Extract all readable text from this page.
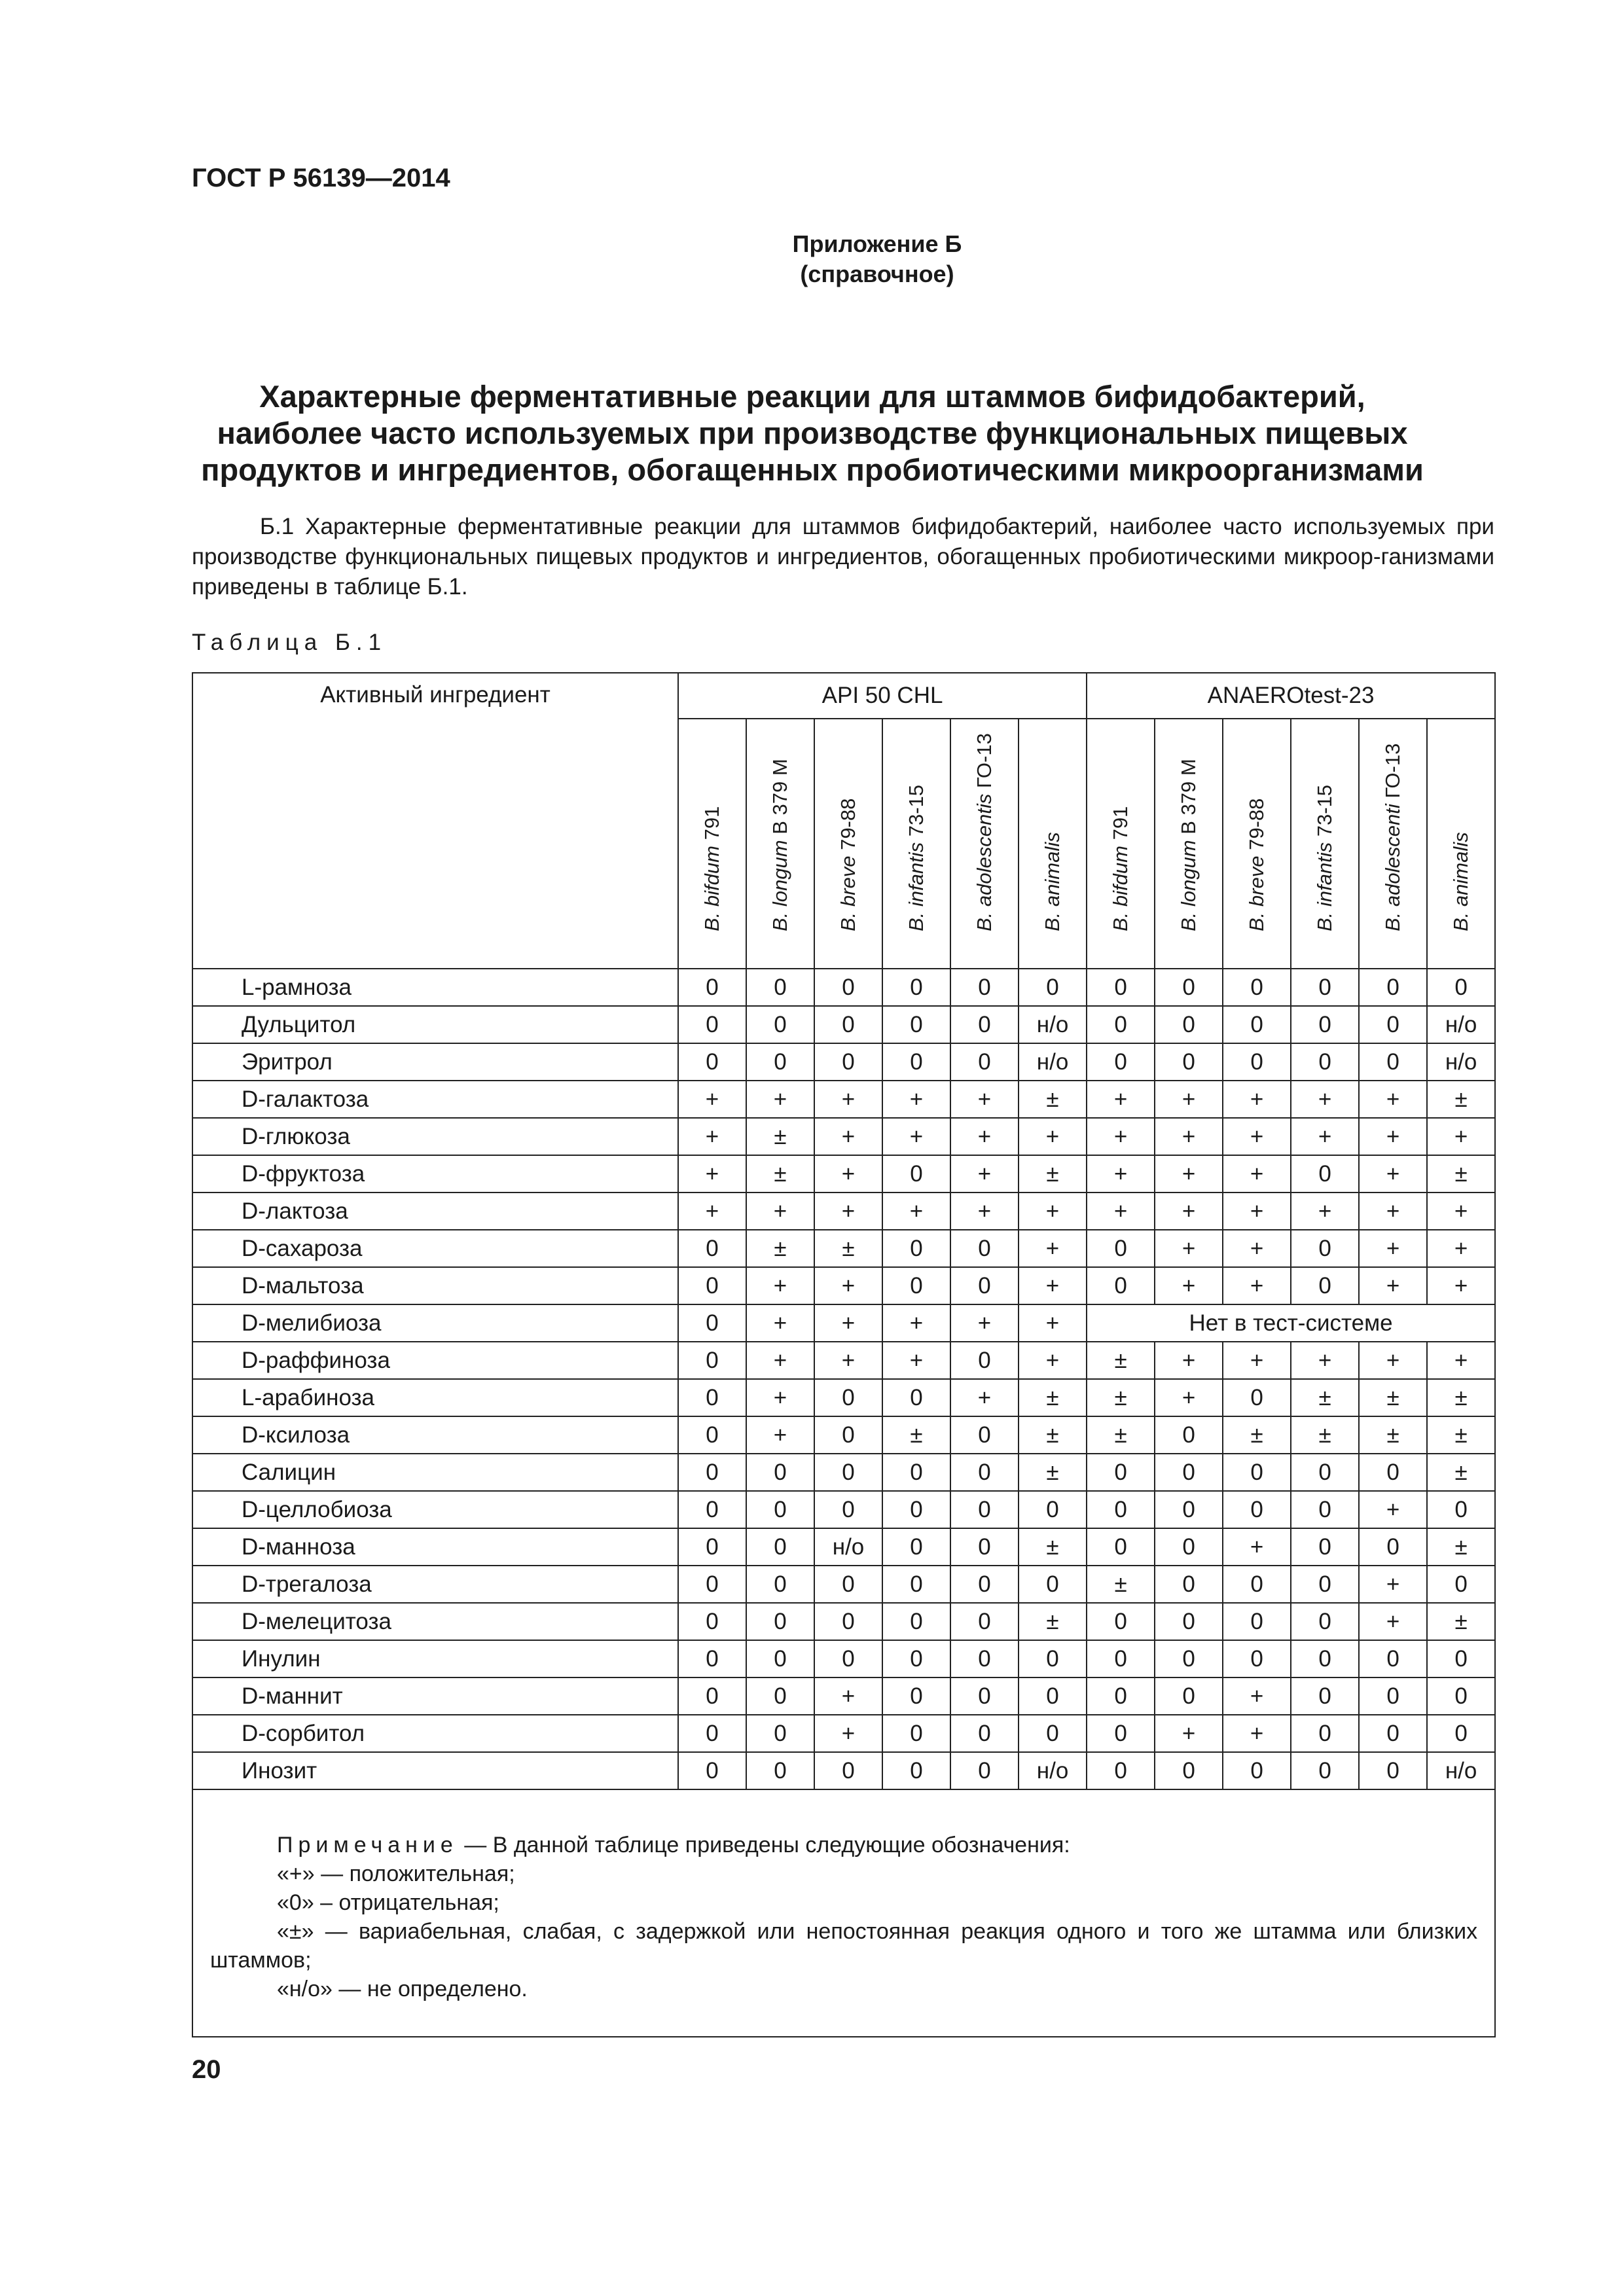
ГОСТ Р 56139—2014
Приложение Б
(справочное)
Характерные ферментативные реакции для штаммов бифидобактерий,
наиболее часто используемых при производстве функциональных пищевых
продуктов и ингредиентов, обогащенных пробиотическими микроорганизмами
Б.1 Характерные ферментативные реакции для штаммов бифидобактерий, наиболее часто используемых при производстве функциональных пищевых продуктов и ингредиентов, обогащенных пробиотическими микроор-ганизмами приведены в таблице Б.1.
Таблица Б.1
Активный ингредиент	API 50 CHL						ANAEROtest-23					

	B. bifdum 791	B. longum B 379 M	B. breve 79-88	B. infantis 73-15	B. adolescentis ГО-13	B. animalis	B. bifdum 791	B. longum B 379 M	B. breve 79-88	B. infantis 73-15	B. adolescenti ГО-13	B. animalis

L-рамноза	0	0	0	0	0	0	0	0	0	0	0	0
Дульцитол	0	0	0	0	0	н/о	0	0	0	0	0	н/о
Эритрол	0	0	0	0	0	н/о	0	0	0	0	0	н/о
D-галактоза	+	+	+	+	+	±	+	+	+	+	+	±
D-глюкоза	+	±	+	+	+	+	+	+	+	+	+	+
D-фруктоза	+	±	+	0	+	±	+	+	+	0	+	±
D-лактоза	+	+	+	+	+	+	+	+	+	+	+	+
D-сахароза	0	±	±	0	0	+	0	+	+	0	+	+
D-мальтоза	0	+	+	0	0	+	0	+	+	0	+	+
D-мелибиоза	0	+	+	+	+	+	Нет в тест-системе					
D-раффиноза	0	+	+	+	0	+	±	+	+	+	+	+
L-арабиноза	0	+	0	0	+	±	±	+	0	±	±	±
D-ксилоза	0	+	0	±	0	±	±	0	±	±	±	±
Салицин	0	0	0	0	0	±	0	0	0	0	0	±
D-целлобиоза	0	0	0	0	0	0	0	0	0	0	+	0
D-манноза	0	0	н/о	0	0	±	0	0	+	0	0	±
D-трегалоза	0	0	0	0	0	0	±	0	0	0	+	0
D-мелецитоза	0	0	0	0	0	±	0	0	0	0	+	±
Инулин	0	0	0	0	0	0	0	0	0	0	0	0
D-маннит	0	0	+	0	0	0	0	0	+	0	0	0
D-сорбитол	0	0	+	0	0	0	0	+	+	0	0	0
Инозит	0	0	0	0	0	н/о	0	0	0	0	0	н/о

Примечание — В данной таблице приведены следующие обозначения:

«+» — положительная;

«0» – отрицательная;

«±» — вариабельная, слабая, с задержкой или непостоянная реакция одного и того же штамма или близких штаммов;

«н/о» — не определено.												

20
